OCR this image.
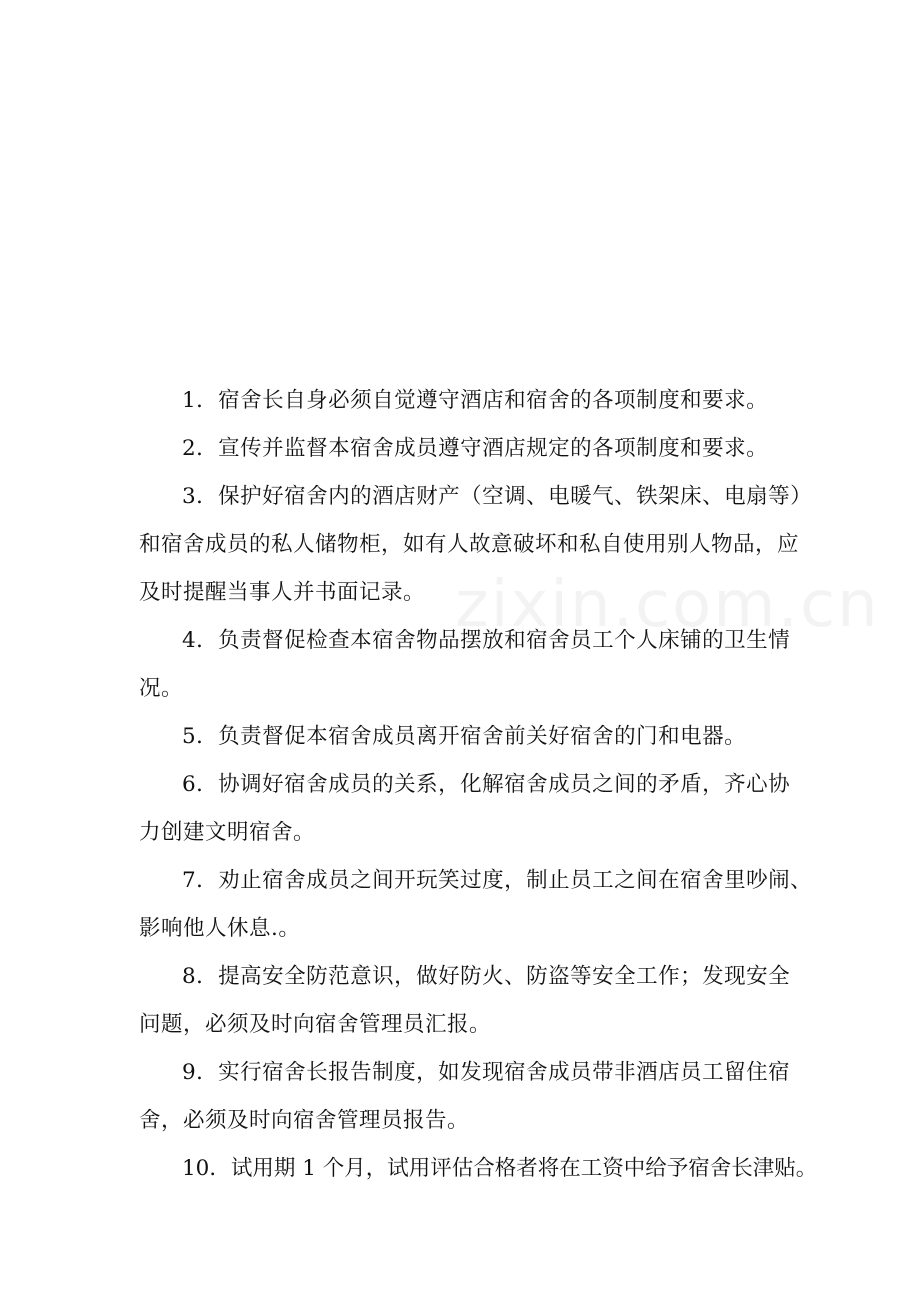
1．宿舍长自身必须自觉遵守酒店和宿舍的各项制度和要求。
2．宣传并监督本宿舍成员遵守酒店规定的各项制度和要求。
3．保护好宿舍内的酒店财产（空调、电暖气、铁架床、电扇等）
和宿舍成员的私人储物柜，如有人故意破坏和私自使用别人物品，应
及时提醒当事人并书面记录。
4．负责督促检查本宿舍物品摆放和宿舍员工个人床铺的卫生情
况。
5．负责督促本宿舍成员离开宿舍前关好宿舍的门和电器。
6．协调好宿舍成员的关系，化解宿舍成员之间的矛盾，齐心协
力创建文明宿舍。
7．劝止宿舍成员之间开玩笑过度，制止员工之间在宿舍里吵闹、
影响他人休息.。
8．提高安全防范意识，做好防火、防盗等安全工作；发现安全
问题，必须及时向宿舍管理员汇报。
9．实行宿舍长报告制度，如发现宿舍成员带非酒店员工留住宿
舍，必须及时向宿舍管理员报告。
10．试用期 1 个月，试用评估合格者将在工资中给予宿舍长津贴。
